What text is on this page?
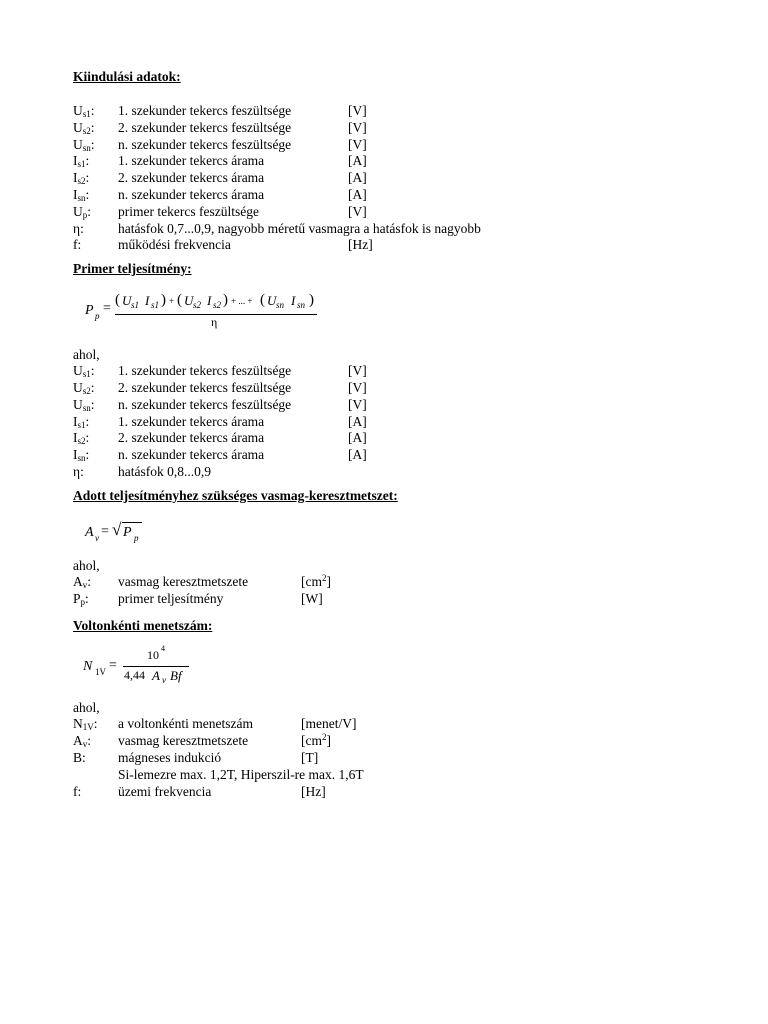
Kiindulási adatok:
$U_{s1}$: 1. szekunder tekercs feszültsége	[V]
$U_{s2}$: 2. szekunder tekercs feszültsége	[V]
$U_{sn}$: n. szekunder tekercs feszültsége	[V]
$I_{s1}$: 1. szekunder tekercs árama	[A]
$I_{s2}$: 2. szekunder tekercs árama	[A]
$I_{sn}$: n. szekunder tekercs árama	[A]
$U_p$: primer tekercs feszültsége	[V]
η:	hatásfok 0,7...0,9, nagyobb méretű vasmagra a hatásfok is nagyobb
f:	működési frekvencia	[Hz]
Primer teljesítmény:
P p =
( U s1 I s1 ) + ( U s2 I s2 ) + ... + ( U sn I sn )
η
ahol,
$U_{s1}$: 1. szekunder tekercs feszültsége	[V]
$U_{s2}$: 2. szekunder tekercs feszültsége	[V]
$U_{sn}$: n. szekunder tekercs feszültsége	[V]
$I_{s1}$: 1. szekunder tekercs árama	[A]
$I_{s2}$: 2. szekunder tekercs árama	[A]
$I_{sn}$: n. szekunder tekercs árama	[A]
η:	hatásfok 0,8...0,9
Adott teljesítményhez szükséges vasmag-keresztmetszet:
A v = √ P p
ahol,
$A_v$: vasmag keresztmetszete	$[cm^2]$
$P_p$: primer teljesítmény	[W]
Voltonkénti menetszám:
N 1V =
10 4
4,44 A v Bf
ahol,
$N_{1V}$: a voltonkénti menetszám	[menet/V]
$A_v$: vasmag keresztmetszete	$[cm^2]$
B: mágneses indukció	[T]
Si-lemezre max. 1,2T, Hiperszil-re max. 1,6T
f:	üzemi frekvencia	[Hz]
